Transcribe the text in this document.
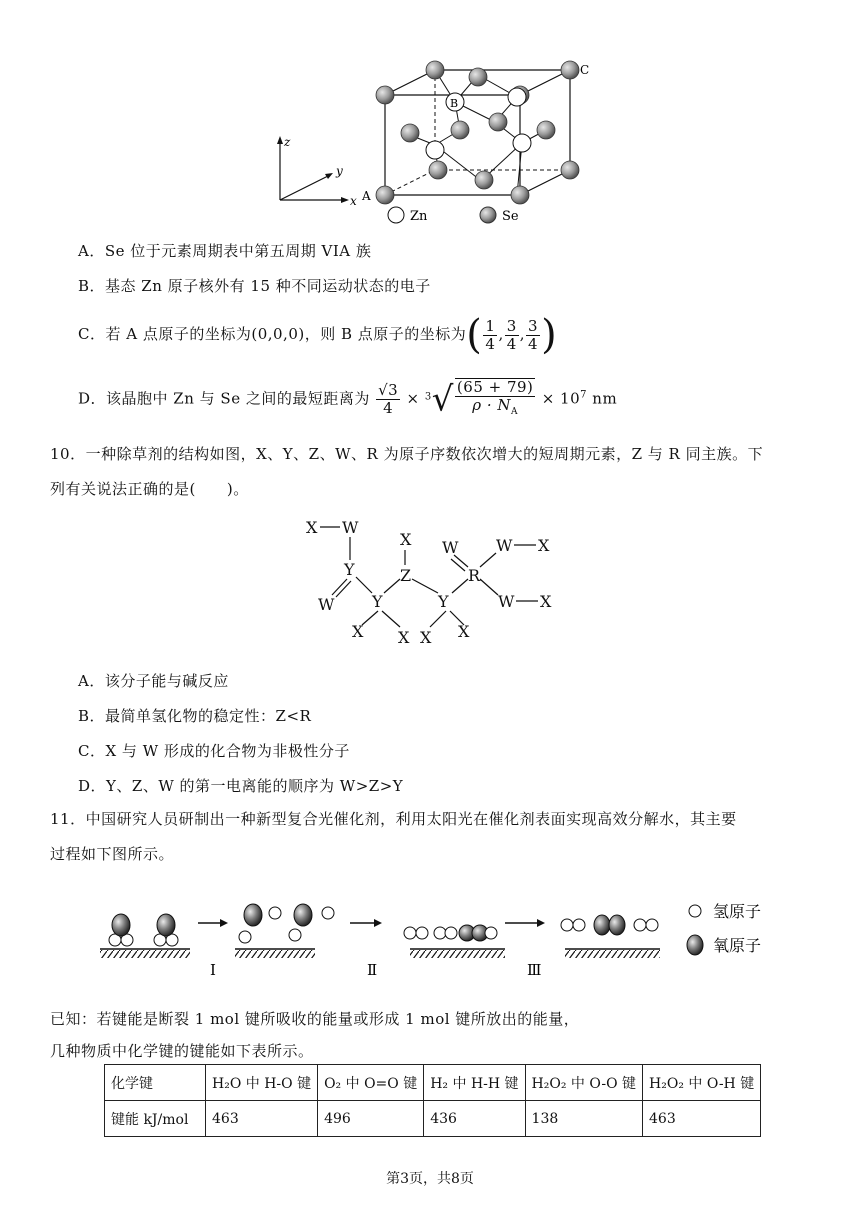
z
x
y
B
C
A
Zn	Se
A．Se 位于元素周期表中第五周期 VIA 族
B．基态 Zn 原子核外有 15 种不同运动状态的电子
C．若 A 点原子的坐标为(0,0,0)，则 B 点原子的坐标为( $\frac{1}{4}$ , $\frac{3}{4}$ , $\frac{3}{4}$ )
D．该晶胞中 Zn 与 Se 之间的最短距离为 $\frac{√3}{4} \times ^3√ \frac{(65 + 79)}{\rho \cdot N_A} \times 10^7$ nm
10．一种除草剂的结构如图，X、Y、Z、W、R 为原子序数依次增大的短周期元素，Z 与 R 同主族。下
列有关说法正确的是(　　)。
X W
Y
W Y
X X
X
Z
X
Y
X
W
R
W X
W X
A．该分子能与碱反应
B．最简单氢化物的稳定性：Z<R
C．X 与 W 形成的化合物为非极性分子
D．Y、Z、W 的第一电离能的顺序为 W>Z>Y
11．中国研究人员研制出一种新型复合光催化剂，利用太阳光在催化剂表面实现高效分解水，其主要
过程如下图所示。
I	Ⅱ	Ⅲ
氢原子
氧原子
已知：若键能是断裂 1 mol 键所吸收的能量或形成 1 mol 键所放出的能量，
几种物质中化学键的键能如下表所示。
化学键	H₂O 中 H-O 键	O₂ 中 O=O 键	H₂ 中 H-H 键	H₂O₂ 中 O-O 键	H₂O₂ 中 O-H 键
键能 kJ/mol	463	496	436	138	463
第3页，共8页
